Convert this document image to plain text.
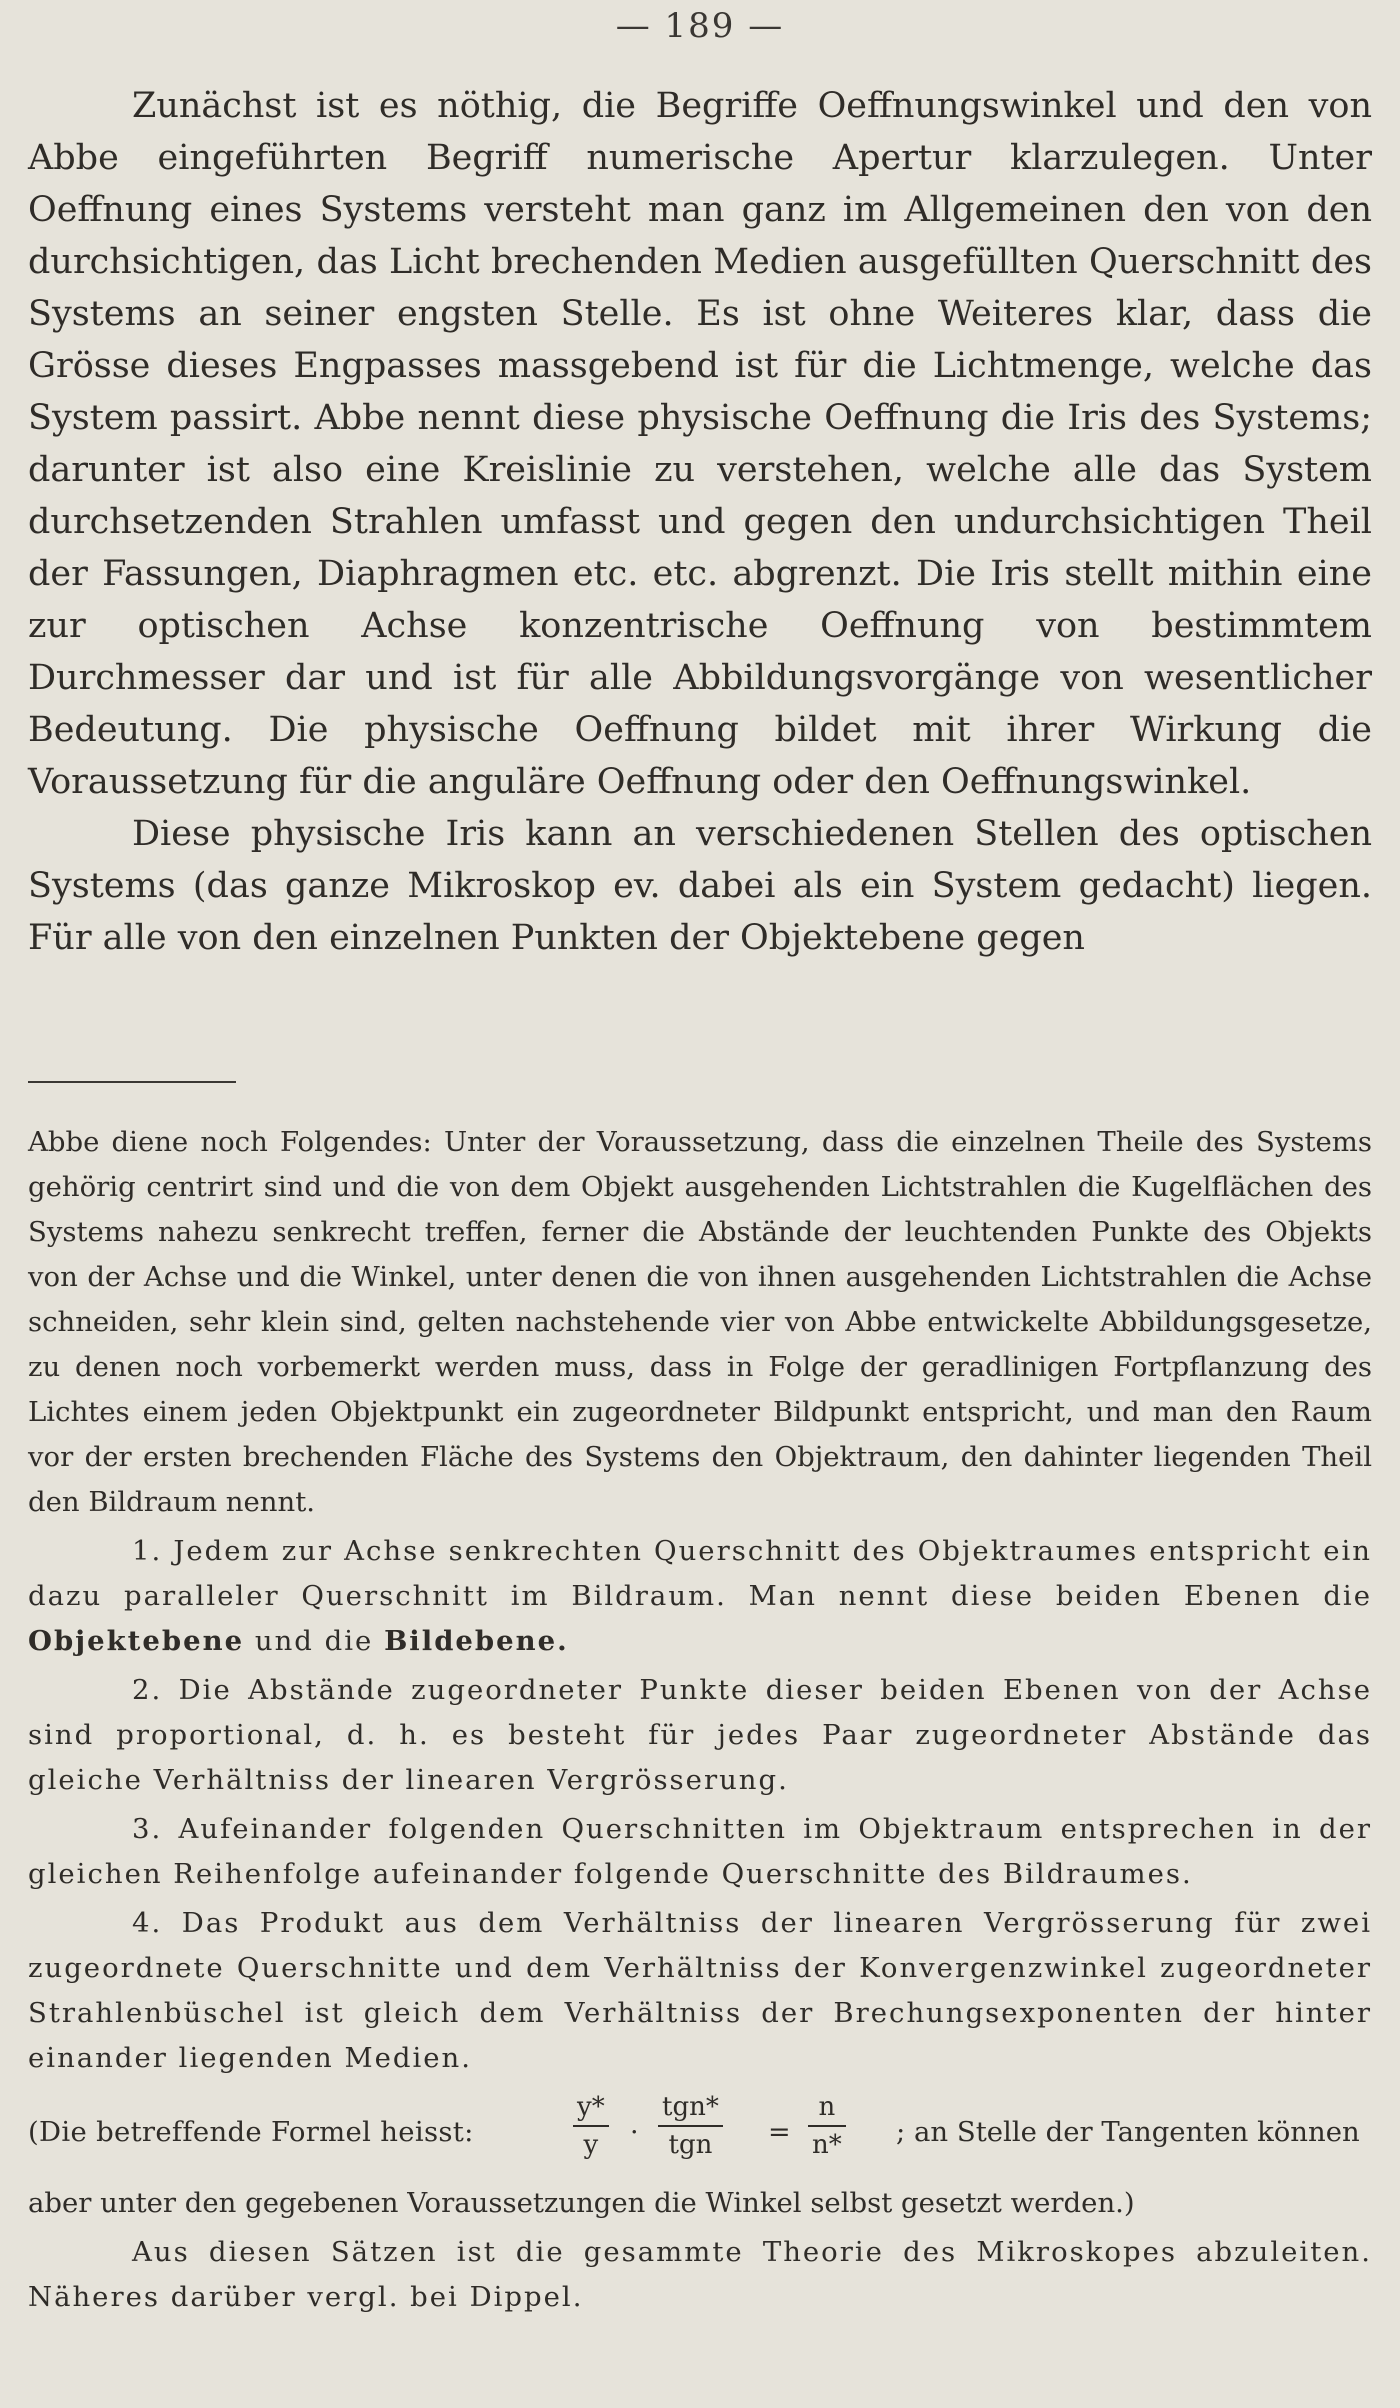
— 189 —

Zunächst ist es nöthig, die Begriffe Oeffnungswinkel und den von Abbe eingeführten Begriff numerische Apertur klarzulegen. Unter Oeffnung eines Systems versteht man ganz im Allgemeinen den von den durchsichtigen, das Licht brechenden Medien ausgefüllten Querschnitt des Systems an seiner engsten Stelle. Es ist ohne Weiteres klar, dass die Grösse dieses Engpasses massgebend ist für die Lichtmenge, welche das System passirt. Abbe nennt diese physische Oeffnung die Iris des Systems; darunter ist also eine Kreislinie zu verstehen, welche alle das System durchsetzenden Strahlen umfasst und gegen den undurchsichtigen Theil der Fassungen, Diaphragmen etc. etc. abgrenzt. Die Iris stellt mithin eine zur optischen Achse konzentrische Oeffnung von bestimmtem Durchmesser dar und ist für alle Abbildungsvorgänge von wesentlicher Bedeutung. Die physische Oeffnung bildet mit ihrer Wirkung die Voraussetzung für die anguläre Oeffnung oder den Oeffnungswinkel.

Diese physische Iris kann an verschiedenen Stellen des optischen Systems (das ganze Mikroskop ev. dabei als ein System gedacht) liegen. Für alle von den einzelnen Punkten der Objektebene gegen

Abbe diene noch Folgendes: Unter der Voraussetzung, dass die einzelnen Theile des Systems gehörig centrirt sind und die von dem Objekt ausgehenden Lichtstrahlen die Kugelflächen des Systems nahezu senkrecht treffen, ferner die Abstände der leuchtenden Punkte des Objekts von der Achse und die Winkel, unter denen die von ihnen ausgehenden Lichtstrahlen die Achse schneiden, sehr klein sind, gelten nachstehende vier von Abbe entwickelte Abbildungsgesetze, zu denen noch vorbemerkt werden muss, dass in Folge der geradlinigen Fortpflanzung des Lichtes einem jeden Objektpunkt ein zugeordneter Bildpunkt entspricht, und man den Raum vor der ersten brechenden Fläche des Systems den Objektraum, den dahinter liegenden Theil den Bildraum nennt.

1. Jedem zur Achse senkrechten Querschnitt des Objektraumes entspricht ein dazu paralleler Querschnitt im Bildraum. Man nennt diese beiden Ebenen die Objektebene und die Bildebene.

2. Die Abstände zugeordneter Punkte dieser beiden Ebenen von der Achse sind proportional, d. h. es besteht für jedes Paar zugeordneter Abstände das gleiche Verhältniss der linearen Vergrösserung.

3. Aufeinander folgenden Querschnitten im Objektraum entsprechen in der gleichen Reihenfolge aufeinander folgende Querschnitte des Bildraumes.

4. Das Produkt aus dem Verhältniss der linearen Vergrösserung für zwei zugeordnete Querschnitte und dem Verhältniss der Konvergenzwinkel zugeordneter Strahlenbüschel ist gleich dem Verhältniss der Brechungsexponenten der hinter einander liegenden Medien.

(Die betreffende Formel heisst:	$\frac{y*}{y}$ ·
tgn*
tgn	= $\frac{n}{n*}$ ; an Stelle der Tangenten können

aber unter den gegebenen Voraussetzungen die Winkel selbst gesetzt werden.)

Aus diesen Sätzen ist die gesammte Theorie des Mikroskopes abzuleiten. Näheres darüber vergl. bei Dippel.
